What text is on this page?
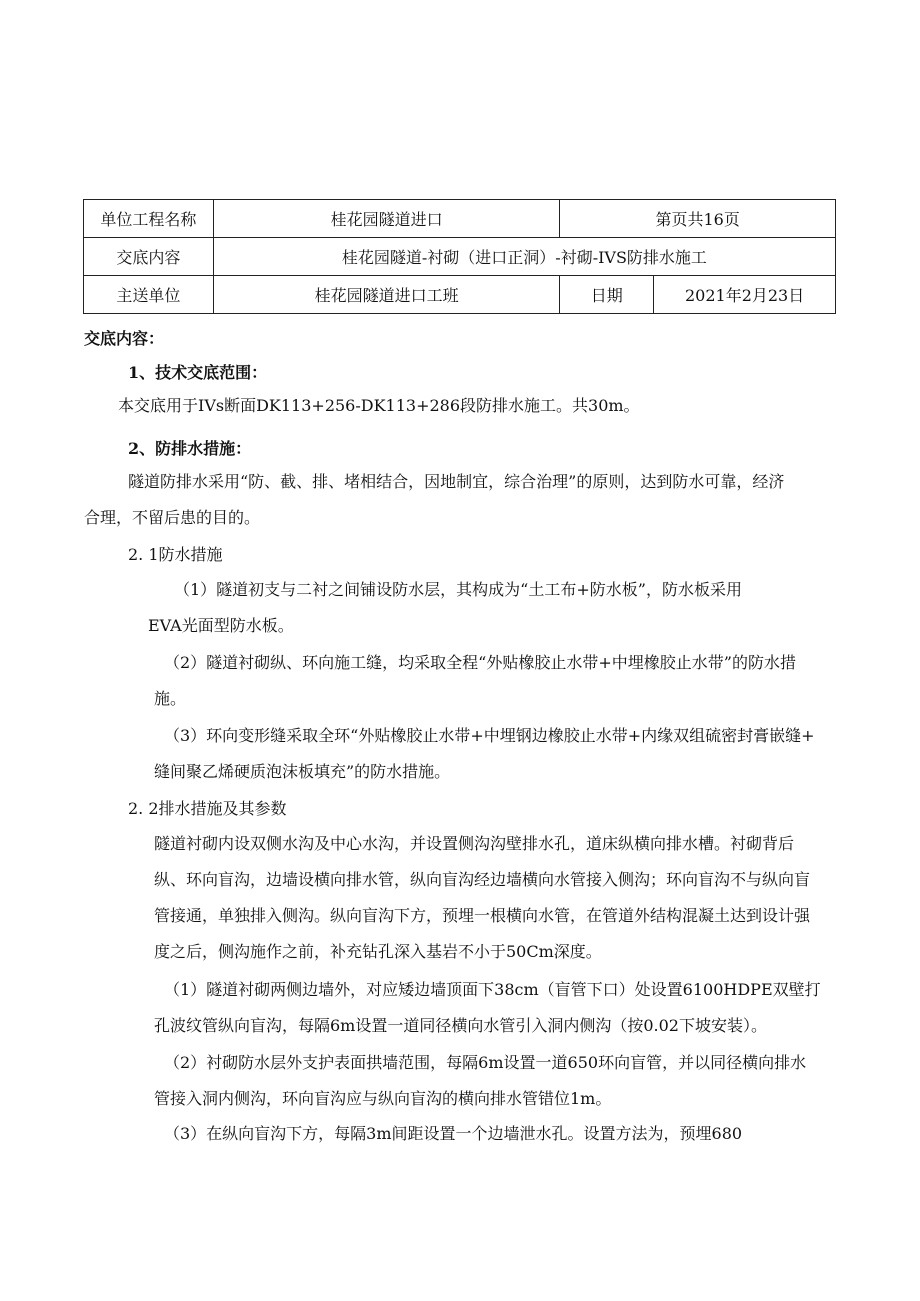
单位工程名称	桂花园隧道进口	第页共16页	
交底内容	桂花园隧道-衬砌（进口正洞）-衬砌-IVS防排水施工		
主送单位	桂花园隧道进口工班	日期	2021年2月23日
交底内容：
1、技术交底范围：
本交底用于IVs断面DK113+256-DK113+286段防排水施工。共30m。
2、防排水措施：
隧道防排水采用“防、截、排、堵相结合，因地制宜，综合治理”的原则，达到防水可靠，经济
合理，不留后患的目的。
2. 1防水措施
（1）隧道初支与二衬之间铺设防水层，其构成为“土工布+防水板”，防水板采用
EVA光面型防水板。
（2）隧道衬砌纵、环向施工缝，均采取全程“外贴橡胶止水带+中埋橡胶止水带”的防水措
施。
（3）环向变形缝采取全环“外贴橡胶止水带+中埋钢边橡胶止水带+内缘双组硫密封膏嵌缝+
缝间聚乙烯硬质泡沫板填充”的防水措施。
2. 2排水措施及其参数
隧道衬砌内设双侧水沟及中心水沟，并设置侧沟沟壁排水孔，道床纵横向排水槽。衬砌背后
纵、环向盲沟，边墙设横向排水管，纵向盲沟经边墙横向水管接入侧沟；环向盲沟不与纵向盲
管接通，单独排入侧沟。纵向盲沟下方，预埋一根横向水管，在管道外结构混凝土达到设计强
度之后，侧沟施作之前，补充钻孔深入基岩不小于50Cm深度。
（1）隧道衬砌两侧边墙外，对应矮边墙顶面下38cm（盲管下口）处设置6100HDPE双壁打
孔波纹管纵向盲沟，每隔6m设置一道同径横向水管引入洞内侧沟（按0.02下坡安装）。
（2）衬砌防水层外支护表面拱墙范围，每隔6m设置一道650环向盲管，并以同径横向排水
管接入洞内侧沟，环向盲沟应与纵向盲沟的横向排水管错位1m。
（3）在纵向盲沟下方，每隔3m间距设置一个边墙泄水孔。设置方法为，预埋680
